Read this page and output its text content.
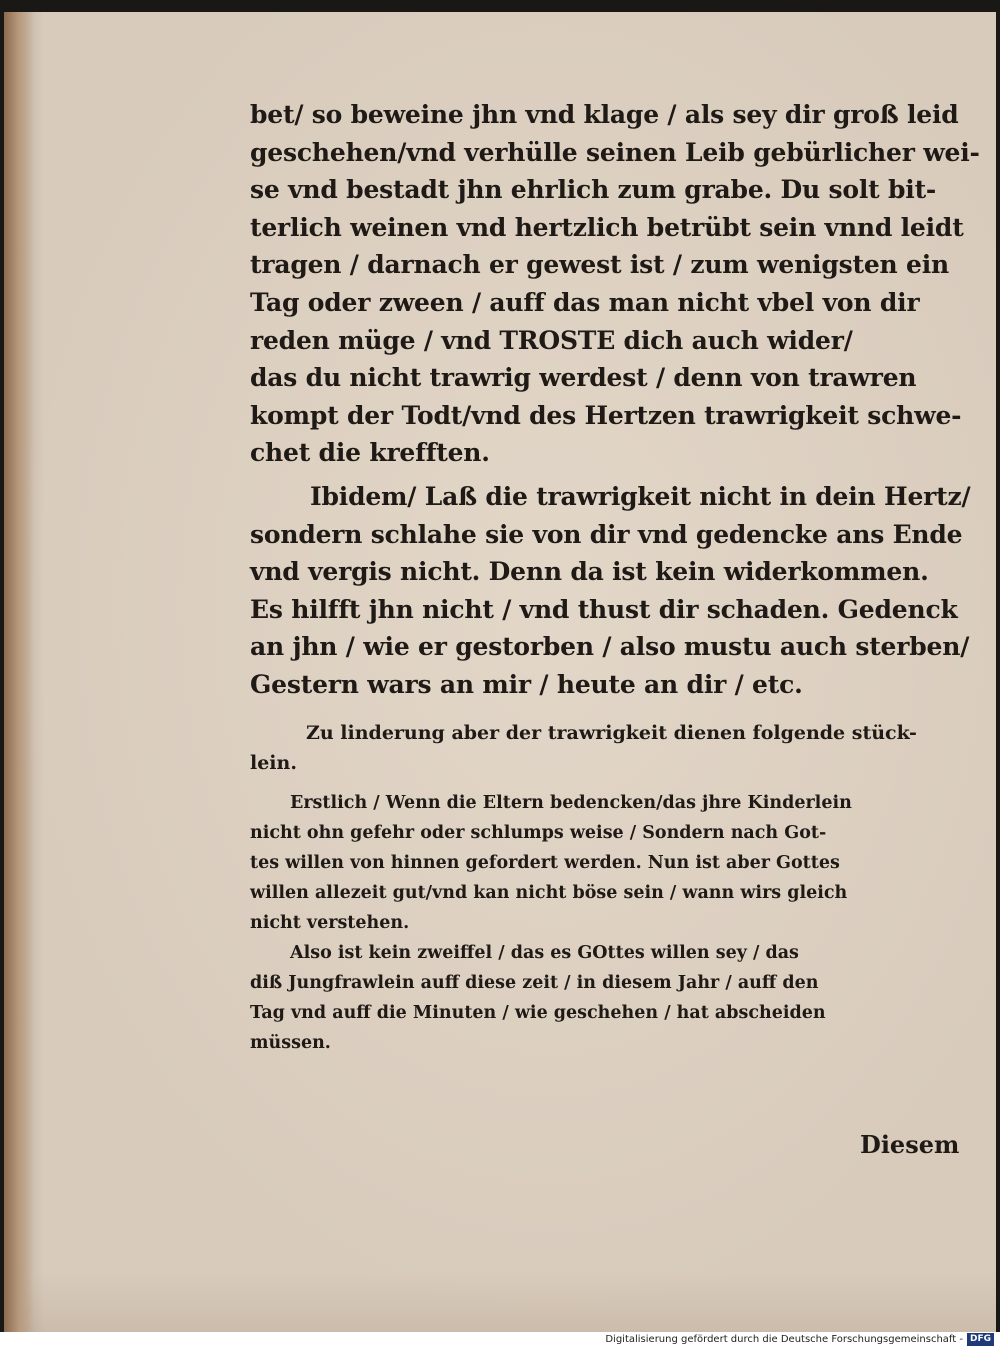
bet/ so beweine jhn vnd klage / als sey dir groß leid
geschehen/vnd verhülle seinen Leib gebürlicher wei-
se vnd bestadt jhn ehrlich zum grabe. Du solt bit-
terlich weinen vnd hertzlich betrübt sein vnnd leidt
tragen / darnach er gewest ist / zum wenigsten ein
Tag oder zween / auff das man nicht vbel von dir
reden müge / vnd TROSTE dich auch wider/
das du nicht trawrig werdest / denn von trawren
kompt der Todt/vnd des Hertzen trawrigkeit schwe-
chet die krefften.

Ibidem/ Laß die trawrigkeit nicht in dein Hertz/
sondern schlahe sie von dir vnd gedencke ans Ende
vnd vergis nicht. Denn da ist kein widerkommen.
Es hilfft jhn nicht / vnd thust dir schaden. Gedenck
an jhn / wie er gestorben / also mustu auch sterben/
Gestern wars an mir / heute an dir / etc.

Zu linderung aber der trawrigkeit dienen folgende stück-
lein.

Erstlich / Wenn die Eltern bedencken/das jhre Kinderlein
nicht ohn gefehr oder schlumps weise / Sondern nach Got-
tes willen von hinnen gefordert werden. Nun ist aber Gottes
willen allezeit gut/vnd kan nicht böse sein / wann wirs gleich
nicht verstehen.

Also ist kein zweiffel / das es GOttes willen sey / das
diß Jungfrawlein auff diese zeit / in diesem Jahr / auff den
Tag vnd auff die Minuten / wie geschehen / hat abscheiden
müssen.

Diesem
Digitalisierung gefördert durch die Deutsche Forschungsgemeinschaft - DFG
